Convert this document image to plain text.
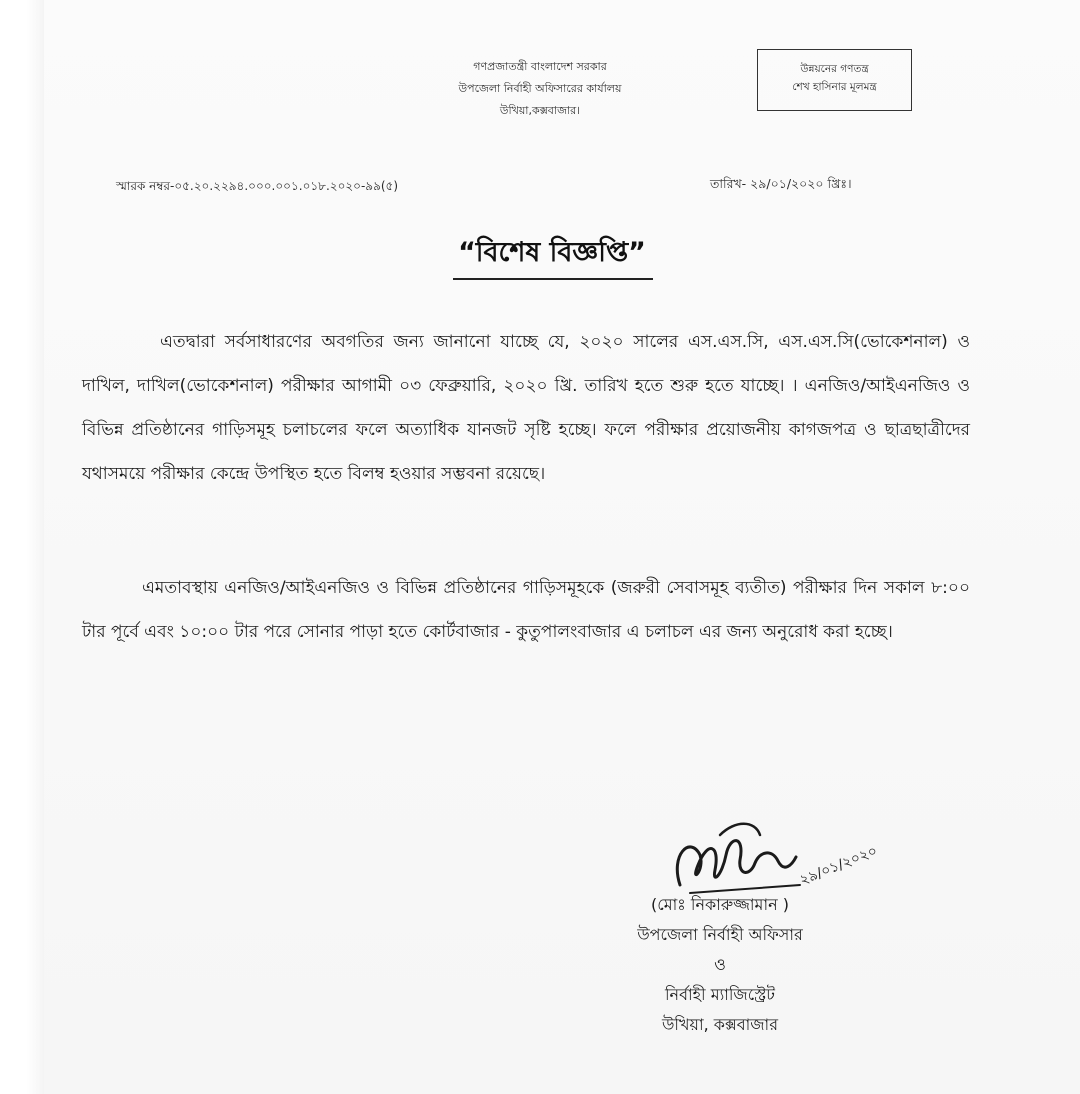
গণপ্রজাতন্ত্রী বাংলাদেশ সরকার
উপজেলা নির্বাহী অফিসারের কার্যালয়
উখিয়া,কক্সবাজার।
উন্নয়নের গণতন্ত্র
শেখ হাসিনার মূলমন্ত্র
স্মারক নম্বর-০৫.২০.২২৯৪.০০০.০০১.০১৮.২০২০-৯৯(৫)	তারিখ- ২৯/০১/২০২০ খ্রিঃ।
“বিশেষ বিজ্ঞপ্তি”
এতদ্বারা সর্বসাধারণের অবগতির জন্য জানানো যাচ্ছে যে, ২০২০ সালের এস.এস.সি, এস.এস.সি(ভোকেশনাল) ও দাখিল, দাখিল(ভোকেশনাল) পরীক্ষার আগামী ০৩ ফেব্রুয়ারি, ২০২০ খ্রি. তারিখ হতে শুরু হতে যাচ্ছে। । এনজিও/আইএনজিও ও বিভিন্ন প্রতিষ্ঠানের গাড়িসমূহ চলাচলের ফলে অত্যাধিক যানজট সৃষ্টি হচ্ছে। ফলে পরীক্ষার প্রয়োজনীয় কাগজপত্র ও ছাত্রছাত্রীদের যথাসময়ে পরীক্ষার কেন্দ্রে উপস্থিত হতে বিলম্ব হওয়ার সম্ভবনা রয়েছে।
এমতাবস্থায় এনজিও/আইএনজিও ও বিভিন্ন প্রতিষ্ঠানের গাড়িসমূহকে (জরুরী সেবাসমূহ ব্যতীত) পরীক্ষার দিন সকাল ৮:০০ টার পূর্বে এবং ১০:০০ টার পরে সোনার পাড়া হতে কোর্টবাজার - কুতুপালংবাজার এ চলাচল এর জন্য অনুরোধ করা হচ্ছে।
২৯/০১/২০২০
(মোঃ নিকারুজ্জামান )
উপজেলা নির্বাহী অফিসার
ও
নির্বাহী ম্যাজিস্ট্রেট
উখিয়া, কক্সবাজার
